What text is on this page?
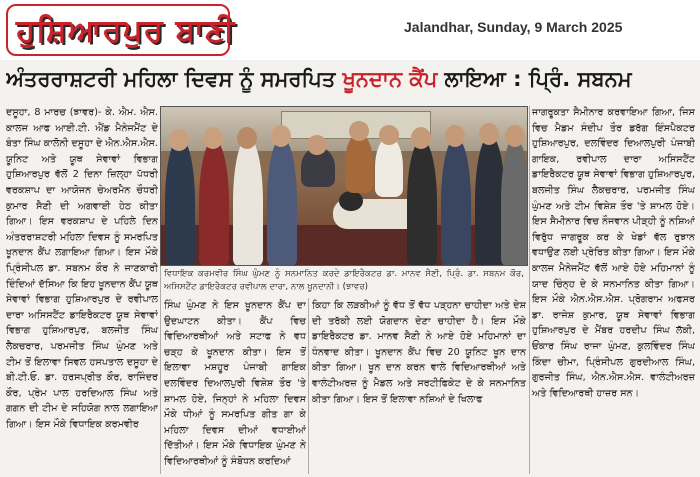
ਹੁਸ਼ਿਆਰਪੁਰ ਬਾਣੀ	Jalandhar, Sunday, 9 March 2025
ਅੰਤਰਰਾਸ਼ਟਰੀ ਮਹਿਲਾ ਦਿਵਸ ਨੂੰ ਸਮਰਪਿਤ ਖੂਨਦਾਨ ਕੈਂਪ ਲਾਇਆ : ਪ੍ਰਿੰ. ਸਬਨਮ

ਦਸੂਹਾ, 8 ਮਾਰਚ (ਝਾਵਰ)- ਕੇ. ਐਮ. ਐਸ. ਕਾਲਜ ਆਫ ਆਈ.ਟੀ. ਐਂਡ ਮੈਨੇਜਮੈਂਟ ਦੇ ਬੰਤਾ ਸਿੰਘ ਕਾਲੋਨੀ ਦਸੂਹਾ ਦੇ ਐਨ.ਐਸ.ਐਸ. ਯੂਨਿਟ ਅਤੇ ਯੂਥ ਸੇਵਾਵਾਂ ਵਿਭਾਗ ਹੁਸ਼ਿਆਰਪੁਰ ਵੱਲੋਂ 2 ਦਿਨਾ ਜ਼ਿਲ੍ਹਾ ਪੱਧਰੀ ਵਰਕਸ਼ਾਪ ਦਾ ਆਯੋਜਨ ਚੇਅਰਮੈਨ ਚੌਧਰੀ ਕੁਮਾਰ ਸੈਣੀ ਦੀ ਅਗਵਾਈ ਹੇਠ ਕੀਤਾ ਗਿਆ। ਇਸ ਵਰਕਸ਼ਾਪ ਦੇ ਪਹਿਲੇ ਦਿਨ ਅੰਤਰਰਾਸ਼ਟਰੀ ਮਹਿਲਾ ਦਿਵਸ ਨੂੰ ਸਮਰਪਿਤ ਖੂਨਦਾਨ ਕੈਂਪ ਲਗਾਇਆ ਗਿਆ। ਇਸ ਮੌਕੇ ਪ੍ਰਿੰਸੀਪਲ ਡਾ. ਸਬਨਮ ਕੌਰ ਨੇ ਜਾਣਕਾਰੀ ਦਿੰਦਿਆਂ ਦੱਸਿਆ ਕਿ ਇਹ ਖੂਨਦਾਨ ਕੈਂਪ ਯੂਥ ਸੇਵਾਵਾਂ ਵਿਭਾਗ ਹੁਸ਼ਿਆਰਪੁਰ ਦੇ ਰਵੀਪਾਲ ਦਾਰਾ ਅਸਿਸਟੈਂਟ ਡਾਇਰੈਕਟਰ ਯੂਥ ਸੇਵਾਵਾਂ ਵਿਭਾਗ ਹੁਸ਼ਿਆਰਪੁਰ, ਬਲਜੀਤ ਸਿੰਘ ਲੈਕਚਰਾਰ, ਪਰਮਜੀਤ ਸਿੰਘ ਘੁੰਮਣ ਅਤੇ ਟੀਮ ਤੋਂ ਇਲਾਵਾ ਸਿਵਲ ਹਸਪਤਾਲ ਦਸੂਹਾ ਦੇ ਬੀ.ਟੀ.ਓ. ਡਾ. ਹਰਸਪ੍ਰੀਤ ਕੌਰ, ਰਾਜਿੰਦਰ ਕੌਰ, ਪ੍ਰੇਮ ਪਾਲ ਹਰਦਿਆਲ ਸਿੰਘ ਅਤੇ ਗਗਨ ਦੀ ਟੀਮ ਦੇ ਸਹਿਯੋਗ ਨਾਲ ਲਗਾਇਆ ਗਿਆ। ਇਸ ਮੌਕੇ ਵਿਧਾਇਕ ਕਰਮਵੀਰ

ਵਿਧਾਇਕ ਕਰਮਵੀਰ ਸਿੰਘ ਘੁੰਮਣ ਨੂੰ ਸਨਮਾਨਿਤ ਕਰਦੇ ਡਾਇਰੈਕਟਰ ਡਾ. ਮਾਨਵ ਸੈਣੀ, ਪ੍ਰਿੰ. ਡਾ. ਸਬਨਮ ਕੌਰ, ਅਸਿਸਟੈਂਟ ਡਾਇਰੈਕਟਰ ਰਵੀਪਾਲ ਦਾਰਾ, ਨਾਲ ਖੂਨਦਾਨੀ। (ਝਾਵਰ)

ਸਿੰਘ ਘੁੰਮਣ ਨੇ ਇਸ ਖੂਨਦਾਨ ਕੈਂਪ ਦਾ ਉਦਘਾਟਨ ਕੀਤਾ। ਕੈਂਪ ਵਿਚ ਵਿਦਿਆਰਥੀਆਂ ਅਤੇ ਸਟਾਫ ਨੇ ਵਧ ਚੜ੍ਹ ਕੇ ਖੂਨਦਾਨ ਕੀਤਾ। ਇਸ ਤੋਂ ਇਲਾਵਾ ਮਸ਼ਹੂਰ ਪੰਜਾਬੀ ਗਾਇਕ ਦਲਵਿੰਦਰ ਦਿਆਲਪੁਰੀ ਵਿਸ਼ੇਸ਼ ਤੌਰ 'ਤੇ ਸ਼ਾਮਲ ਹੋਏ, ਜਿਨ੍ਹਾਂ ਨੇ ਮਹਿਲਾ ਦਿਵਸ ਮੌਕੇ ਧੀਆਂ ਨੂੰ ਸਮਰਪਿਤ ਗੀਤ ਗਾ ਕੇ ਮਹਿਲਾ ਦਿਵਸ ਦੀਆਂ ਵਧਾਈਆਂ ਦਿੱਤੀਆਂ। ਇਸ ਮੌਕੇ ਵਿਧਾਇਕ ਘੁੰਮਣ ਨੇ ਵਿਦਿਆਰਥੀਆਂ ਨੂੰ ਸੰਬੋਧਨ ਕਰਦਿਆਂ

ਕਿਹਾ ਕਿ ਲੜਕੀਆਂ ਨੂੰ ਵੱਧ ਤੋਂ ਵੱਧ ਪੜ੍ਹਨਾ ਚਾਹੀਦਾ ਅਤੇ ਦੇਸ਼ ਦੀ ਤਰੱਕੀ ਲਈ ਯੋਗਦਾਨ ਦੇਣਾ ਚਾਹੀਦਾ ਹੈ। ਇਸ ਮੌਕੇ ਡਾਇਰੈਕਟਰ ਡਾ. ਮਾਨਵ ਸੈਣੀ ਨੇ ਆਏ ਹੋਏ ਮਹਿਮਾਨਾਂ ਦਾ ਧੰਨਵਾਦ ਕੀਤਾ। ਖੂਨਦਾਨ ਕੈਂਪ ਵਿਚ 20 ਯੂਨਿਟ ਖੂਨ ਦਾਨ ਕੀਤਾ ਗਿਆ। ਖੂਨ ਦਾਨ ਕਰਨ ਵਾਲੇ ਵਿਦਿਆਰਥੀਆਂ ਅਤੇ ਵਾਲੰਟੀਅਰਜ਼ ਨੂੰ ਮੈਡਲ ਅਤੇ ਸਰਟੀਫਿਕੇਟ ਦੇ ਕੇ ਸਨਮਾਨਿਤ ਕੀਤਾ ਗਿਆ। ਇਸ ਤੋਂ ਇਲਾਵਾ ਨਸ਼ਿਆਂ ਦੇ ਖਿਲਾਫ

ਜਾਗਰੂਕਤਾ ਸੈਮੀਨਾਰ ਕਰਵਾਇਆ ਗਿਆ, ਜਿਸ ਵਿਚ ਮੈਡਮ ਸੰਦੀਪ ਤੌਰ ਡਰੱਗ ਇੰਸਪੈਕਟਰ ਹੁਸ਼ਿਆਰਪੁਰ, ਦਲਵਿੰਦਰ ਦਿਆਲਪੁਰੀ ਪੰਜਾਬੀ ਗਾਇਕ, ਰਵੀਪਾਲ ਦਾਰਾ ਅਸਿਸਟੈਂਟ ਡਾਇਰੈਕਟਰ ਯੂਥ ਸੇਵਾਵਾਂ ਵਿਭਾਗ ਹੁਸ਼ਿਆਰਪੁਰ, ਬਲਜੀਤ ਸਿੰਘ ਲੈਕਚਰਾਰ, ਪਰਮਜੀਤ ਸਿੰਘ ਘੁੰਮਣ ਅਤੇ ਟੀਮ ਵਿਸ਼ੇਸ਼ ਤੌਰ 'ਤੇ ਸ਼ਾਮਲ ਹੋਏ। ਇਸ ਸੈਮੀਨਾਰ ਵਿਚ ਨੌਜਵਾਨ ਪੀੜ੍ਹੀ ਨੂੰ ਨਸ਼ਿਆਂ ਵਿਰੁੱਧ ਜਾਗਰੂਕ ਕਰ ਕੇ ਖੇਡਾਂ ਵੱਲ ਰੁਝਾਨ ਵਧਾਉਣ ਲਈ ਪ੍ਰੇਰਿਤ ਕੀਤਾ ਗਿਆ। ਇਸ ਮੌਕੇ ਕਾਲਜ ਮੈਨੇਜਮੈਂਟ ਵੱਲੋਂ ਆਏ ਹੋਏ ਮਹਿਮਾਨਾਂ ਨੂੰ ਯਾਦ ਚਿੰਨ੍ਹ ਦੇ ਕੇ ਸਨਮਾਨਿਤ ਕੀਤਾ ਗਿਆ। ਇਸ ਮੌਕੇ ਐਨ.ਐਸ.ਐਸ. ਪ੍ਰੋਗਰਾਮ ਅਫਸਰ ਡਾ. ਰਾਜੇਸ਼ ਕੁਮਾਰ, ਯੂਥ ਸੇਵਾਵਾਂ ਵਿਭਾਗ ਹੁਸ਼ਿਆਰਪੁਰ ਦੇ ਮੈਂਬਰ ਹਰਦੀਪ ਸਿੰਘ ਲੱਕੀ, ਓਂਕਾਰ ਸਿੰਘ ਰਾਜਾ ਘੁੰਮਣ, ਕੁਲਵਿੰਦਰ ਸਿੰਘ ਕਿੰਦਾ ਚੀਮਾ, ਪ੍ਰਿੰਸੀਪਲ ਗੁਰਦੀਆਲ ਸਿੰਘ, ਗੁਰਜੀਤ ਸਿੰਘ, ਐਨ.ਐਸ.ਐਸ. ਵਾਲੰਟੀਅਰਜ਼ ਅਤੇ ਵਿਦਿਆਰਥੀ ਹਾਜ਼ਰ ਸਨ।
